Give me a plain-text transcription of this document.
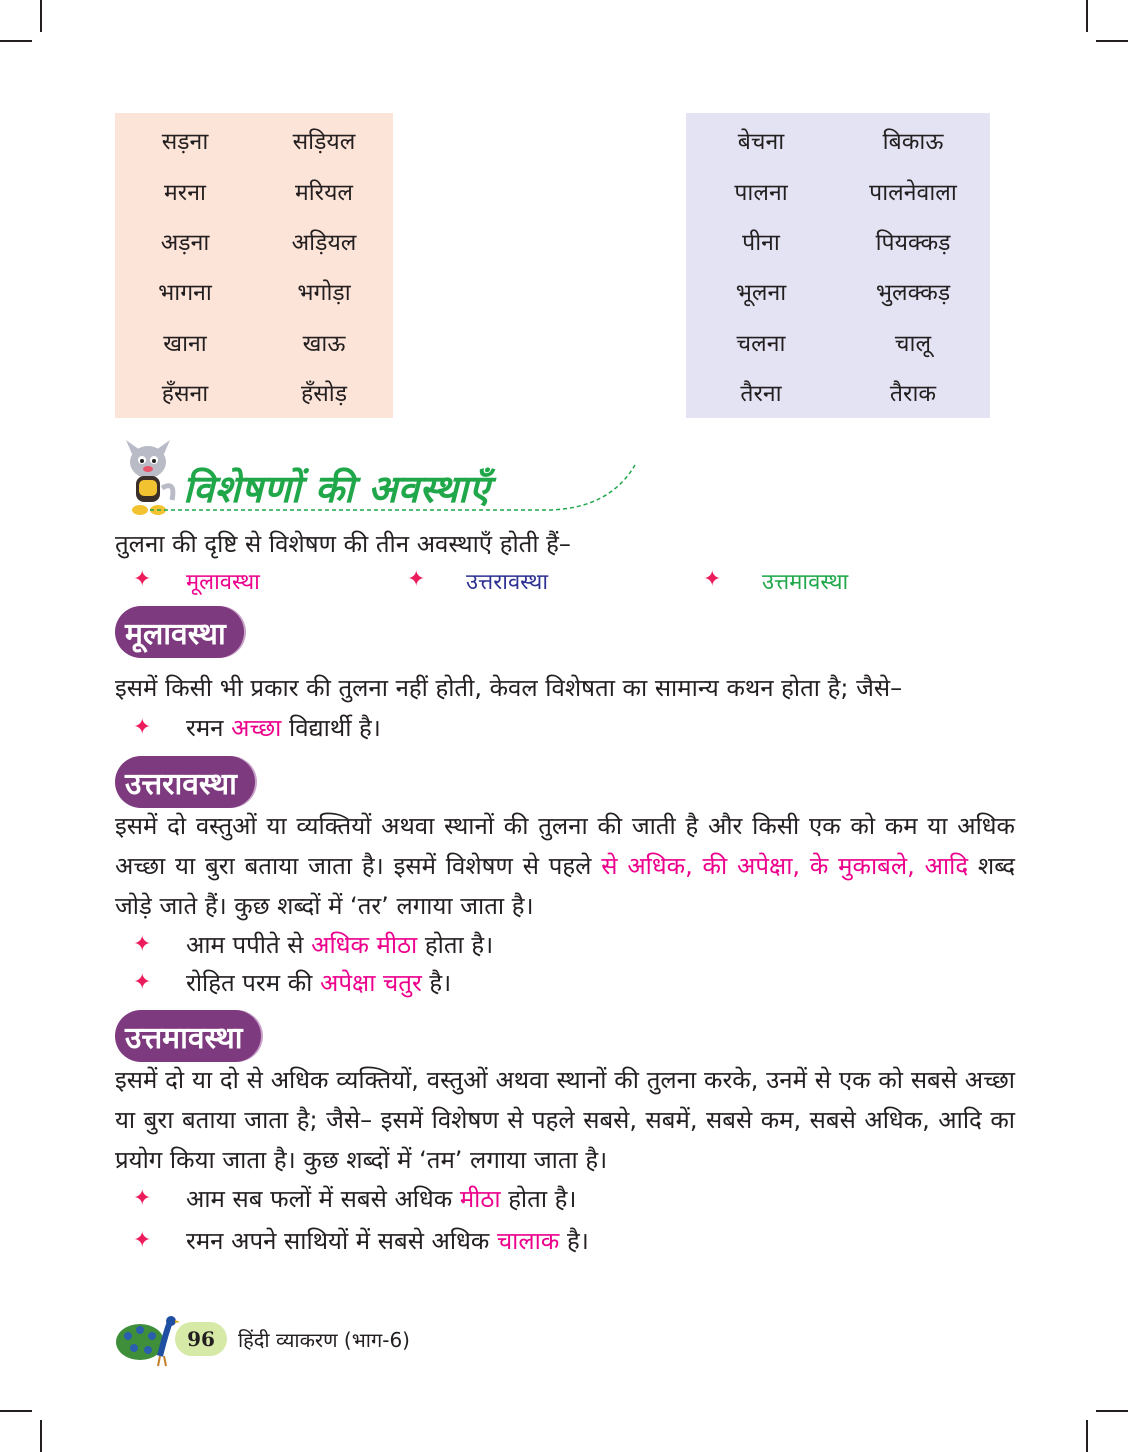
सड़ना	सड़ियल
मरना	मरियल
अड़ना	अड़ियल
भागना	भगोड़ा
खाना	खाऊ
हँसना	हँसोड़
बेचना	बिकाऊ
पालना	पालनेवाला
पीना	पियक्कड़
भूलना	भुलक्कड़
चलना	चालू
तैरना	तैराक
विशेषणों की अवस्थाएँ
तुलना की दृष्टि से विशेषण की तीन अवस्थाएँ होती हैं–
✦ मूलावस्था	✦ उत्तरावस्था	✦ उत्तमावस्था
मूलावस्था
इसमें किसी भी प्रकार की तुलना नहीं होती, केवल विशेषता का सामान्य कथन होता है; जैसे–
✦ रमन अच्छा विद्यार्थी है।
उत्तरावस्था
इसमें दो वस्तुओं या व्यक्तियों अथवा स्थानों की तुलना की जाती है और किसी एक को कम या अधिक अच्छा या बुरा बताया जाता है। इसमें विशेषण से पहले से अधिक, की अपेक्षा, के मुकाबले, आदि शब्द जोड़े जाते हैं। कुछ शब्दों में ‘तर’ लगाया जाता है।
✦ आम पपीते से अधिक मीठा होता है।
✦ रोहित परम की अपेक्षा चतुर है।
उत्तमावस्था
इसमें दो या दो से अधिक व्यक्तियों, वस्तुओं अथवा स्थानों की तुलना करके, उनमें से एक को सबसे अच्छा या बुरा बताया जाता है; जैसे– इसमें विशेषण से पहले सबसे, सबमें, सबसे कम, सबसे अधिक, आदि का प्रयोग किया जाता है। कुछ शब्दों में ‘तम’ लगाया जाता है।
✦ आम सब फलों में सबसे अधिक मीठा होता है।
✦ रमन अपने साथियों में सबसे अधिक चालाक है।
96	हिंदी व्याकरण (भाग-6)
